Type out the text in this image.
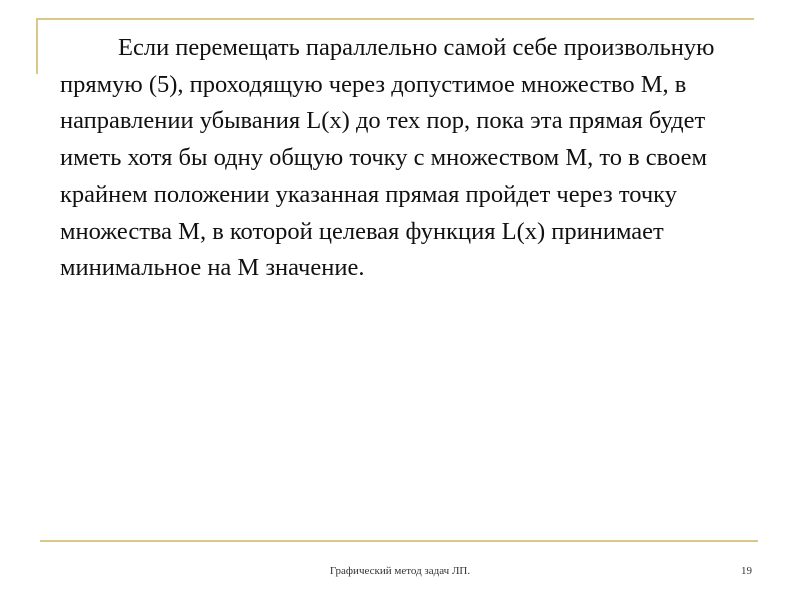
Если перемещать параллельно самой себе произвольную прямую (5), проходящую через допустимое множество М, в направлении убывания L(x) до тех пор, пока эта прямая будет иметь хотя бы одну общую точку с множеством М, то в своем крайнем положении указанная прямая пройдет через точку множества М, в которой целевая функция L(x) принимает минимальное на М значение.

Графический метод задач ЛП.	19
